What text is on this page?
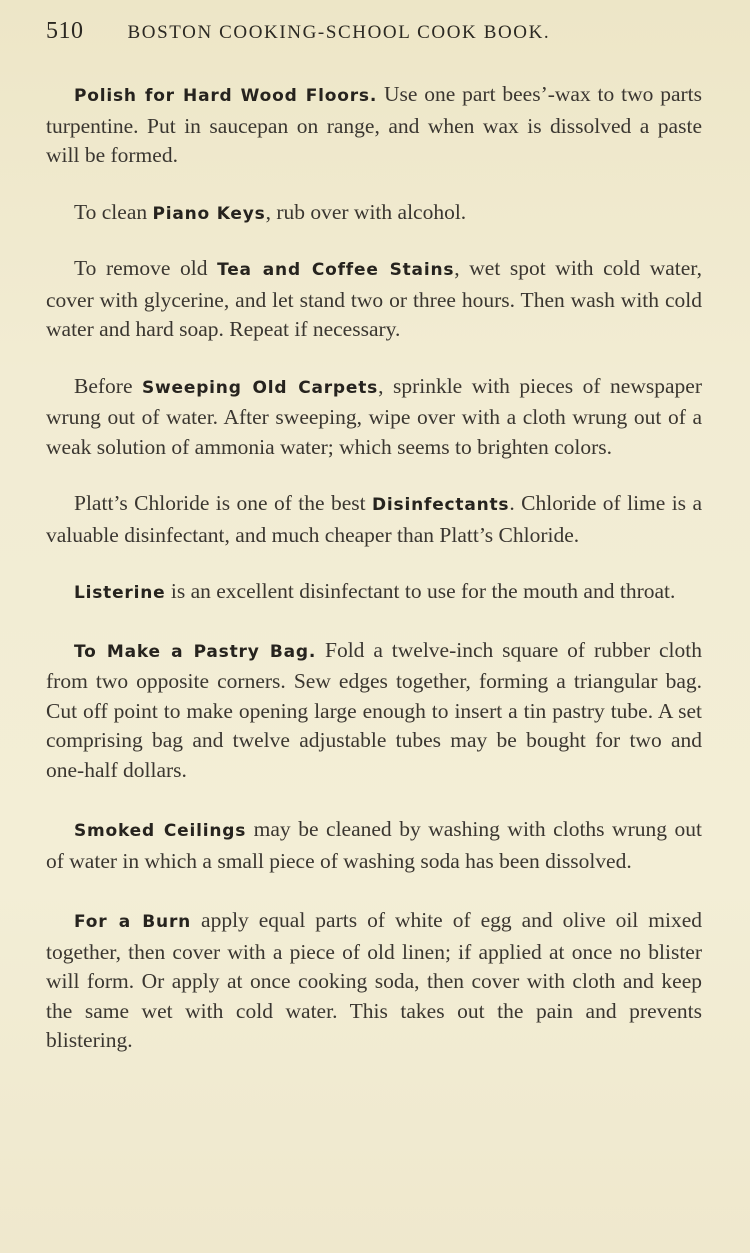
510 BOSTON COOKING-SCHOOL COOK BOOK.

Polish for Hard Wood Floors. Use one part bees’-wax to two parts turpentine. Put in saucepan on range, and when wax is dissolved a paste will be formed.

To clean Piano Keys, rub over with alcohol.

To remove old Tea and Coffee Stains, wet spot with cold water, cover with glycerine, and let stand two or three hours. Then wash with cold water and hard soap. Repeat if necessary.

Before Sweeping Old Carpets, sprinkle with pieces of newspaper wrung out of water. After sweeping, wipe over with a cloth wrung out of a weak solution of ammonia water; which seems to brighten colors.

Platt’s Chloride is one of the best Disinfectants. Chloride of lime is a valuable disinfectant, and much cheaper than Platt’s Chloride.

Listerine is an excellent disinfectant to use for the mouth and throat.

To Make a Pastry Bag. Fold a twelve-inch square of rubber cloth from two opposite corners. Sew edges together, forming a triangular bag. Cut off point to make opening large enough to insert a tin pastry tube. A set comprising bag and twelve adjustable tubes may be bought for two and one-half dollars.

Smoked Ceilings may be cleaned by washing with cloths wrung out of water in which a small piece of washing soda has been dissolved.

For a Burn apply equal parts of white of egg and olive oil mixed together, then cover with a piece of old linen; if applied at once no blister will form. Or apply at once cooking soda, then cover with cloth and keep the same wet with cold water. This takes out the pain and prevents blistering.
